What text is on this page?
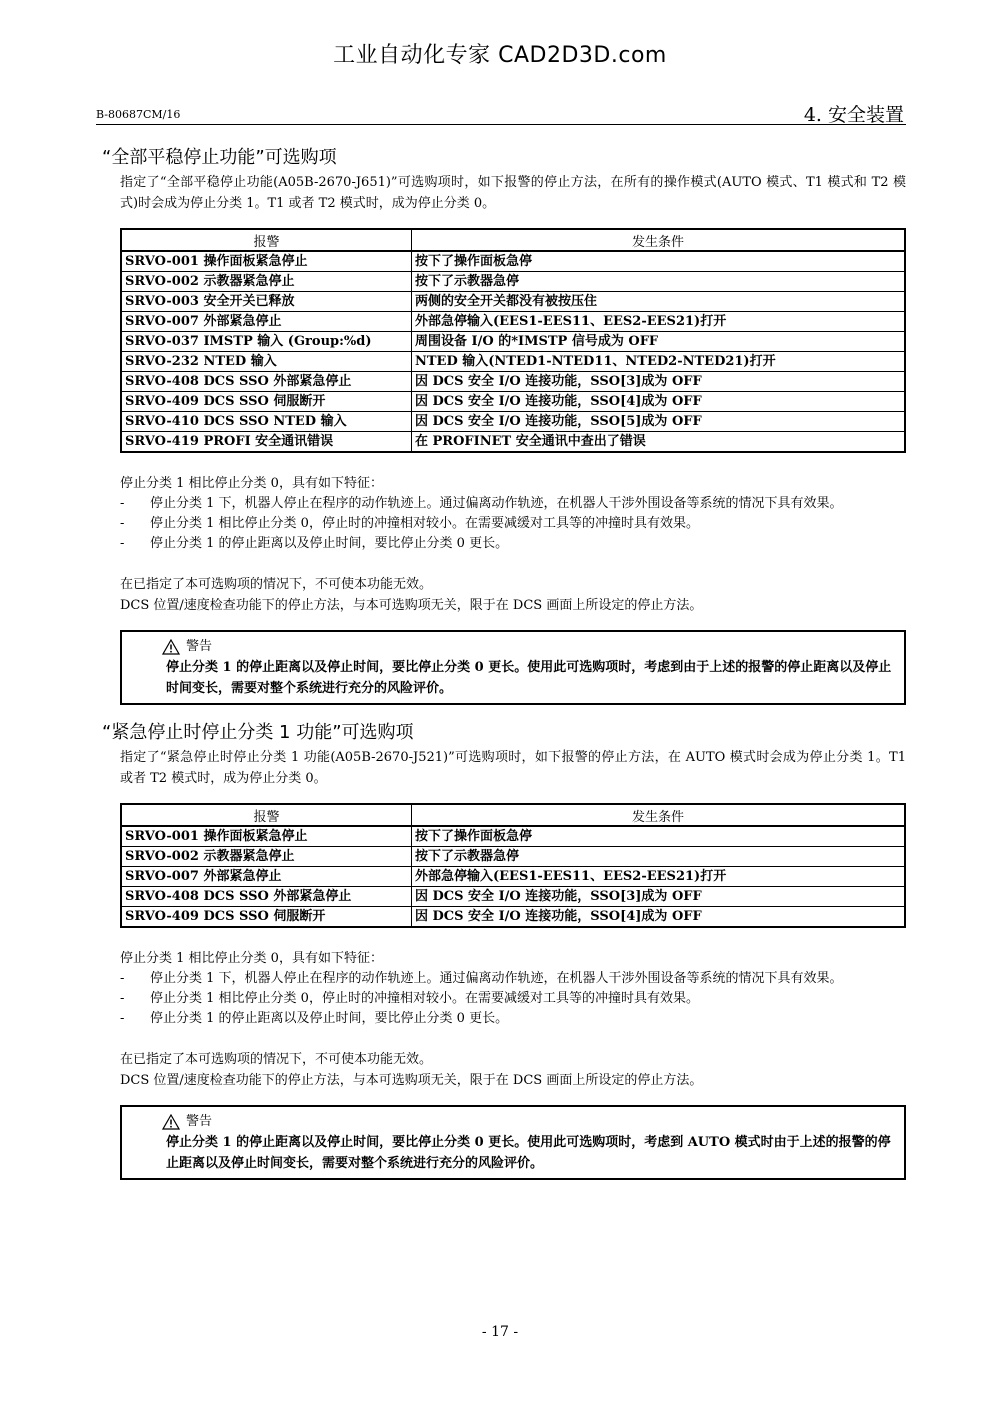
工业自动化专家 CAD2D3D.com
B-80687CM/16	4. 安全装置
“全部平稳停止功能”可选购项

指定了“全部平稳停止功能(A05B-2670-J651)”可选购项时，如下报警的停止方法，在所有的操作模式(AUTO 模式、T1 模式和 T2 模式)时会成为停止分类 1。T1 或者 T2 模式时，成为停止分类 0。

报警	发生条件
SRVO-001 操作面板紧急停止	按下了操作面板急停
SRVO-002 示教器紧急停止	按下了示教器急停
SRVO-003 安全开关已释放	两侧的安全开关都没有被按压住
SRVO-007 外部紧急停止	外部急停输入(EES1-EES11、EES2-EES21)打开
SRVO-037 IMSTP 输入 (Group:%d)	周围设备 I/O 的*IMSTP 信号成为 OFF
SRVO-232 NTED 输入	NTED 输入(NTED1-NTED11、NTED2-NTED21)打开
SRVO-408 DCS SSO 外部紧急停止	因 DCS 安全 I/O 连接功能，SSO[3]成为 OFF
SRVO-409 DCS SSO 伺服断开	因 DCS 安全 I/O 连接功能，SSO[4]成为 OFF
SRVO-410 DCS SSO NTED 输入	因 DCS 安全 I/O 连接功能，SSO[5]成为 OFF
SRVO-419 PROFI 安全通讯错误	在 PROFINET 安全通讯中查出了错误

停止分类 1 相比停止分类 0，具有如下特征：

- 停止分类 1 下，机器人停止在程序的动作轨迹上。通过偏离动作轨迹，在机器人干涉外围设备等系统的情况下具有效果。
- 停止分类 1 相比停止分类 0，停止时的冲撞相对较小。在需要减缓对工具等的冲撞时具有效果。
- 停止分类 1 的停止距离以及停止时间，要比停止分类 0 更长。

在已指定了本可选购项的情况下，不可使本功能无效。

DCS 位置/速度检查功能下的停止方法，与本可选购项无关，限于在 DCS 画面上所设定的停止方法。

警告
停止分类 1 的停止距离以及停止时间，要比停止分类 0 更长。使用此可选购项时，考虑到由于上述的报警的停止距离以及停止时间变长，需要对整个系统进行充分的风险评价。
“紧急停止时停止分类 1 功能”可选购项

指定了“紧急停止时停止分类 1 功能(A05B-2670-J521)”可选购项时，如下报警的停止方法，在 AUTO 模式时会成为停止分类 1。T1 或者 T2 模式时，成为停止分类 0。

报警	发生条件
SRVO-001 操作面板紧急停止	按下了操作面板急停
SRVO-002 示教器紧急停止	按下了示教器急停
SRVO-007 外部紧急停止	外部急停输入(EES1-EES11、EES2-EES21)打开
SRVO-408 DCS SSO 外部紧急停止	因 DCS 安全 I/O 连接功能，SSO[3]成为 OFF
SRVO-409 DCS SSO 伺服断开	因 DCS 安全 I/O 连接功能，SSO[4]成为 OFF

停止分类 1 相比停止分类 0，具有如下特征：

- 停止分类 1 下，机器人停止在程序的动作轨迹上。通过偏离动作轨迹，在机器人干涉外围设备等系统的情况下具有效果。
- 停止分类 1 相比停止分类 0，停止时的冲撞相对较小。在需要减缓对工具等的冲撞时具有效果。
- 停止分类 1 的停止距离以及停止时间，要比停止分类 0 更长。

在已指定了本可选购项的情况下，不可使本功能无效。

DCS 位置/速度检查功能下的停止方法，与本可选购项无关，限于在 DCS 画面上所设定的停止方法。

警告
停止分类 1 的停止距离以及停止时间，要比停止分类 0 更长。使用此可选购项时，考虑到 AUTO 模式时由于上述的报警的停止距离以及停止时间变长，需要对整个系统进行充分的风险评价。
- 17 -
